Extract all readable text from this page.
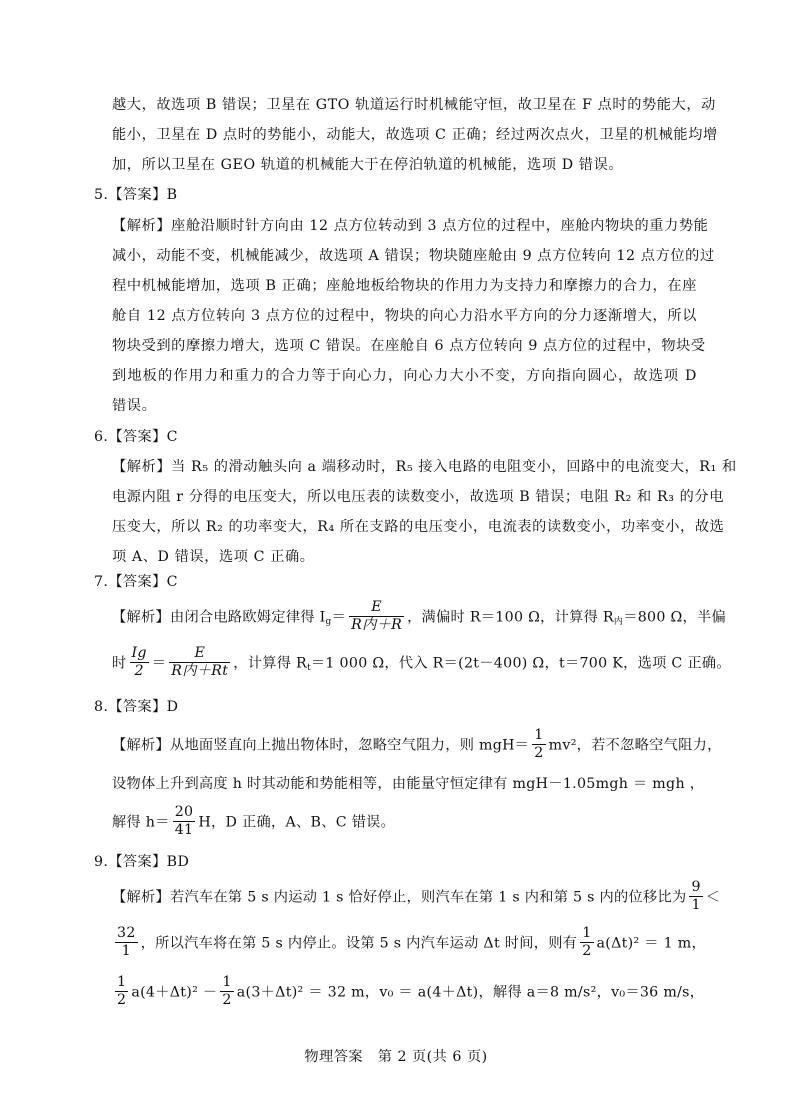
越大，故选项 B 错误；卫星在 GTO 轨道运行时机械能守恒，故卫星在 F 点时的势能大，动
能小，卫星在 D 点时的势能小，动能大，故选项 C 正确；经过两次点火，卫星的机械能均增
加，所以卫星在 GEO 轨道的机械能大于在停泊轨道的机械能，选项 D 错误。
5.【答案】B
【解析】座舱沿顺时针方向由 12 点方位转动到 3 点方位的过程中，座舱内物块的重力势能
减小，动能不变，机械能减少，故选项 A 错误；物块随座舱由 9 点方位转向 12 点方位的过
程中机械能增加，选项 B 正确；座舱地板给物块的作用力为支持力和摩擦力的合力，在座
舱自 12 点方位转向 3 点方位的过程中，物块的向心力沿水平方向的分力逐渐增大，所以
物块受到的摩擦力增大，选项 C 错误。在座舱自 6 点方位转向 9 点方位的过程中，物块受
到地板的作用力和重力的合力等于向心力，向心力大小不变，方向指向圆心，故选项 D
错误。
6.【答案】C
【解析】当 R₅ 的滑动触头向 a 端移动时，R₅ 接入电路的电阻变小，回路中的电流变大，R₁ 和
电源内阻 r 分得的电压变大，所以电压表的读数变小，故选项 B 错误；电阻 R₂ 和 R₃ 的分电
压变大，所以 R₂ 的功率变大，R₄ 所在支路的电压变小，电流表的读数变小，功率变小，故选
项 A、D 错误，选项 C 正确。
7.【答案】C
【解析】由闭合电路欧姆定律得 $I_g= \frac{E}{\text{R内＋R}}$ ，满偏时 R＝100 Ω，计算得 $R_内=800$ Ω，半偏
时 $\frac{Ig}{2} = \frac{E}{\text{R内＋Rt}}$ ，计算得 $R_t=1$ 000 Ω，代入 R＝(2t－400) Ω，t＝700 K，选项 C 正确。
8.【答案】D
【解析】从地面竖直向上抛出物体时，忽略空气阻力，则 $mgH= \frac{1}{2} mv^2$，若不忽略空气阻力，
设物体上升到高度 h 时其动能和势能相等，由能量守恒定律有 mgH－1.05mgh ＝ mgh ，
解得 $h= \frac{20}{41}$ H，D 正确，A、B、C 错误。
9.【答案】BD
【解析】若汽车在第 5 s 内运动 1 s 恰好停止，则汽车在第 1 s 内和第 5 s 内的位移比为 $\frac{9}{1}$ ＜
$\frac{32}{1}$ ，所以汽车将在第 5 s 内停止。设第 5 s 内汽车运动 Δt 时间，则有 $\frac{1}{2} a(\Delta t)^2 = 1$ m，
$\frac{1}{2} a(4+\Delta t)^2 - \frac{1}{2} a(3+\Delta t)^2 = 32$ m，v₀ ＝ a(4＋Δt)，解得 a＝8 m/s²，v₀＝36 m/s，
物理答案　第 2 页(共 6 页)
